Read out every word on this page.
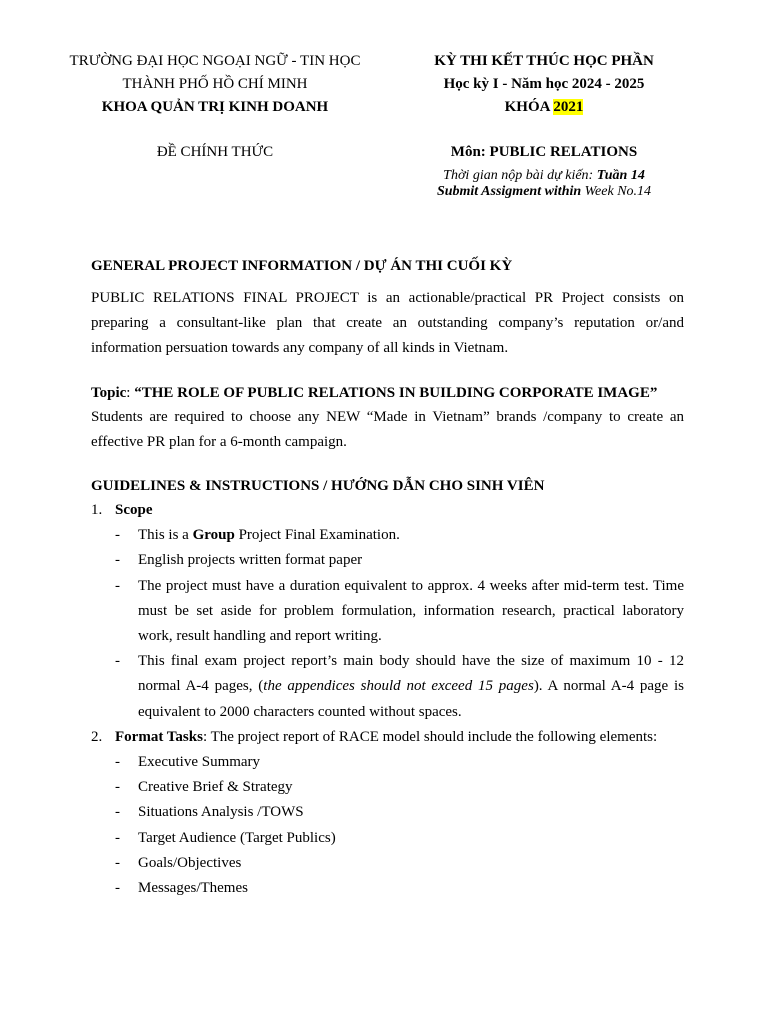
TRƯỜNG ĐẠI HỌC NGOẠI NGỮ - TIN HỌC
THÀNH PHỐ HỒ CHÍ MINH
KHOA QUẢN TRỊ KINH DOANH
KỲ THI KẾT THÚC HỌC PHẦN
Học kỳ I - Năm học 2024 - 2025
KHÓA 2021
ĐỀ CHÍNH THỨC	Môn: PUBLIC RELATIONS
Thời gian nộp bài dự kiến: Tuần 14
Submit Assigment within Week No.14

GENERAL PROJECT INFORMATION / DỰ ÁN THI CUỐI KỲ

PUBLIC RELATIONS FINAL PROJECT is an actionable/practical PR Project consists on preparing a consultant-like plan that create an outstanding company’s reputation or/and information persuation towards any company of all kinds in Vietnam.

Topic: “THE ROLE OF PUBLIC RELATIONS IN BUILDING CORPORATE IMAGE”

Students are required to choose any NEW “Made in Vietnam” brands /company to create an effective PR plan for a 6-month campaign.

GUIDELINES & INSTRUCTIONS / HƯỚNG DẪN CHO SINH VIÊN

1. Scope
- This is a Group Project Final Examination.
- English projects written format paper
- The project must have a duration equivalent to approx. 4 weeks after mid-term test. Time must be set aside for problem formulation, information research, practical laboratory work, result handling and report writing.
- This final exam project report’s main body should have the size of maximum 10 - 12 normal A-4 pages, (the appendices should not exceed 15 pages). A normal A-4 page is equivalent to 2000 characters counted without spaces.
2. Format Tasks: The project report of RACE model should include the following elements:
- Executive Summary
- Creative Brief & Strategy
- Situations Analysis /TOWS
- Target Audience (Target Publics)
- Goals/Objectives
- Messages/Themes
